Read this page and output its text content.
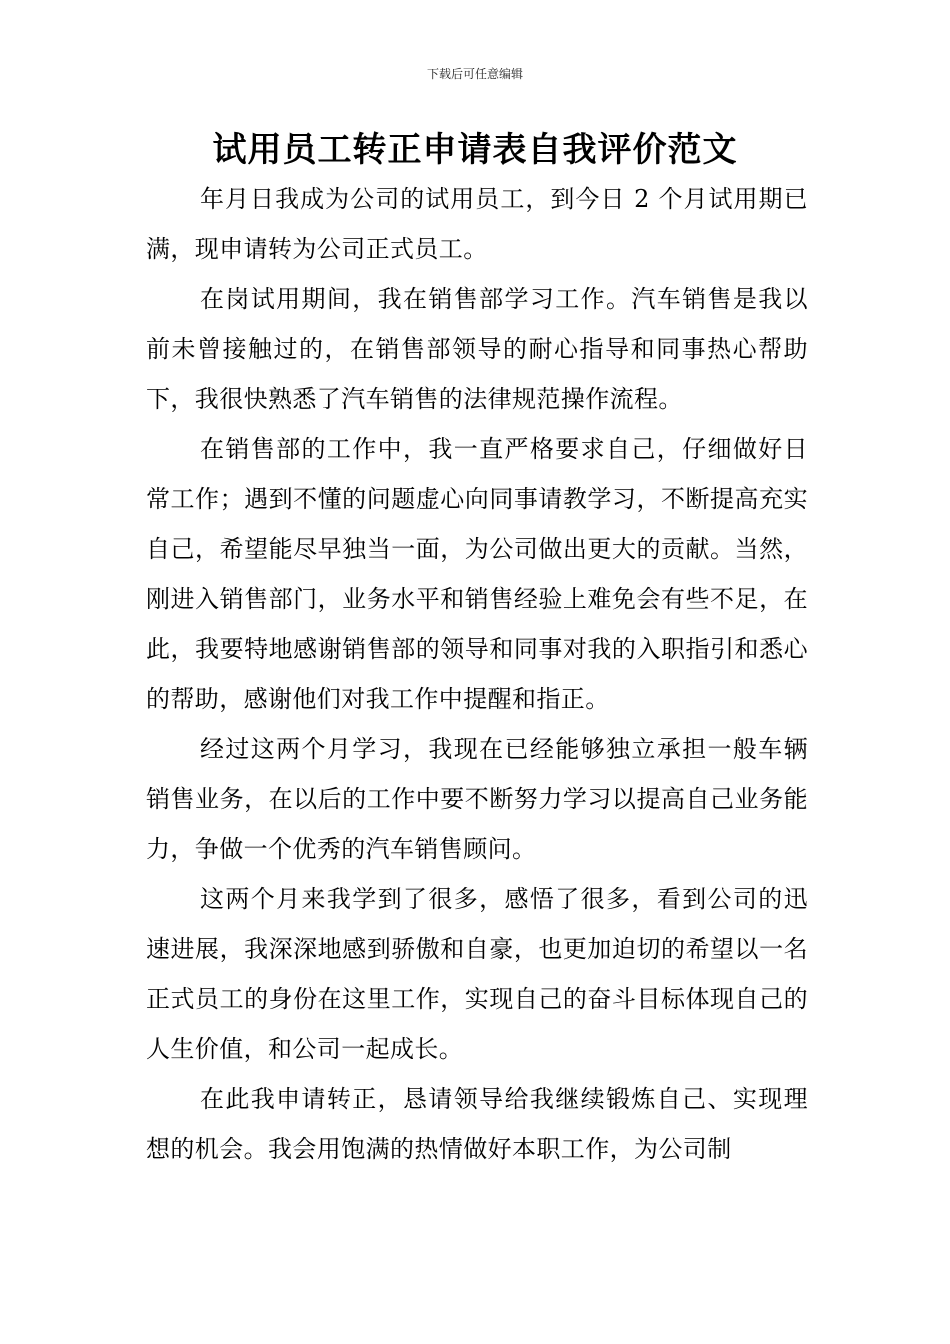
下载后可任意编辑
试用员工转正申请表自我评价范文

年月日我成为公司的试用员工，到今日 2 个月试用期已满，现申请转为公司正式员工。

在岗试用期间，我在销售部学习工作。汽车销售是我以前未曾接触过的，在销售部领导的耐心指导和同事热心帮助下，我很快熟悉了汽车销售的法律规范操作流程。

在销售部的工作中，我一直严格要求自己，仔细做好日常工作；遇到不懂的问题虚心向同事请教学习，不断提高充实自己，希望能尽早独当一面，为公司做出更大的贡献。当然，刚进入销售部门，业务水平和销售经验上难免会有些不足，在此，我要特地感谢销售部的领导和同事对我的入职指引和悉心的帮助，感谢他们对我工作中提醒和指正。

经过这两个月学习，我现在已经能够独立承担一般车辆销售业务，在以后的工作中要不断努力学习以提高自己业务能力，争做一个优秀的汽车销售顾问。

这两个月来我学到了很多，感悟了很多，看到公司的迅速进展，我深深地感到骄傲和自豪，也更加迫切的希望以一名正式员工的身份在这里工作，实现自己的奋斗目标体现自己的人生价值，和公司一起成长。

在此我申请转正，恳请领导给我继续锻炼自己、实现理想的机会。我会用饱满的热情做好本职工作，为公司制
